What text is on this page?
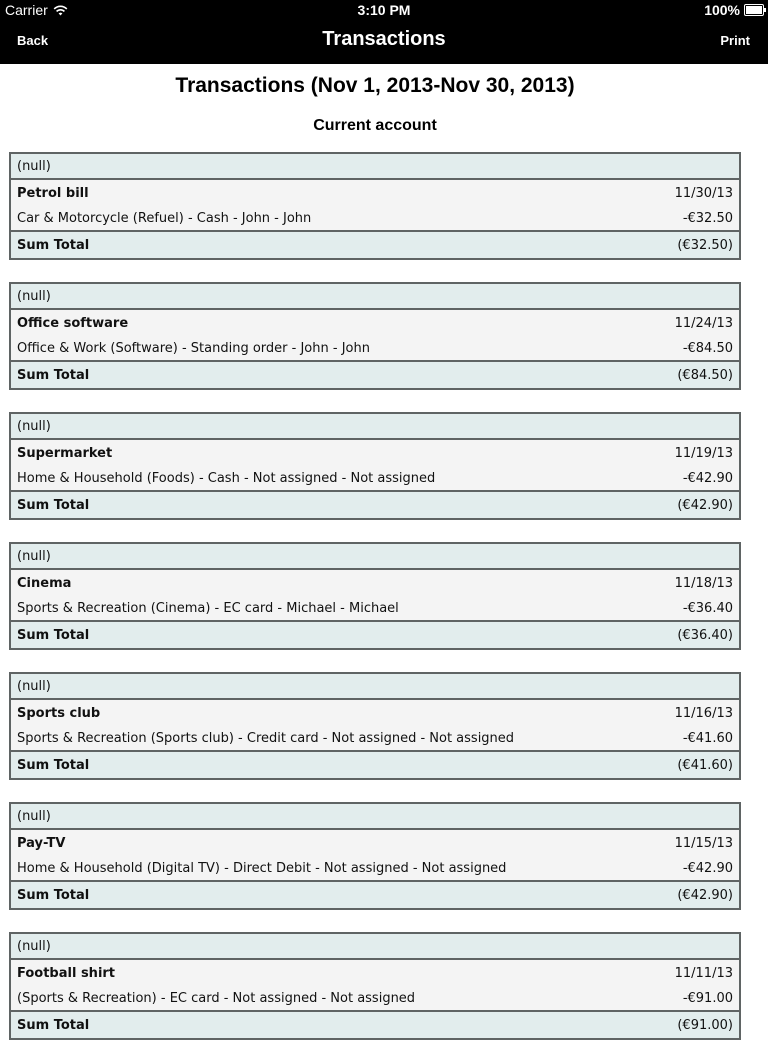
Carrier	3:10 PM	100%
Back	Transactions	Print
Transactions (Nov 1, 2013-Nov 30, 2013)
Current account
(null)
Petrol bill	11/30/13
Car & Motorcycle (Refuel) - Cash - John - John	-€32.50
Sum Total	(€32.50)
(null)
Office software	11/24/13
Office & Work (Software) - Standing order - John - John	-€84.50
Sum Total	(€84.50)
(null)
Supermarket	11/19/13
Home & Household (Foods) - Cash - Not assigned - Not assigned	-€42.90
Sum Total	(€42.90)
(null)
Cinema	11/18/13
Sports & Recreation (Cinema) - EC card - Michael - Michael	-€36.40
Sum Total	(€36.40)
(null)
Sports club	11/16/13
Sports & Recreation (Sports club) - Credit card - Not assigned - Not assigned	-€41.60
Sum Total	(€41.60)
(null)
Pay-TV	11/15/13
Home & Household (Digital TV) - Direct Debit - Not assigned - Not assigned	-€42.90
Sum Total	(€42.90)
(null)
Football shirt	11/11/13
(Sports & Recreation) - EC card - Not assigned - Not assigned	-€91.00
Sum Total	(€91.00)
